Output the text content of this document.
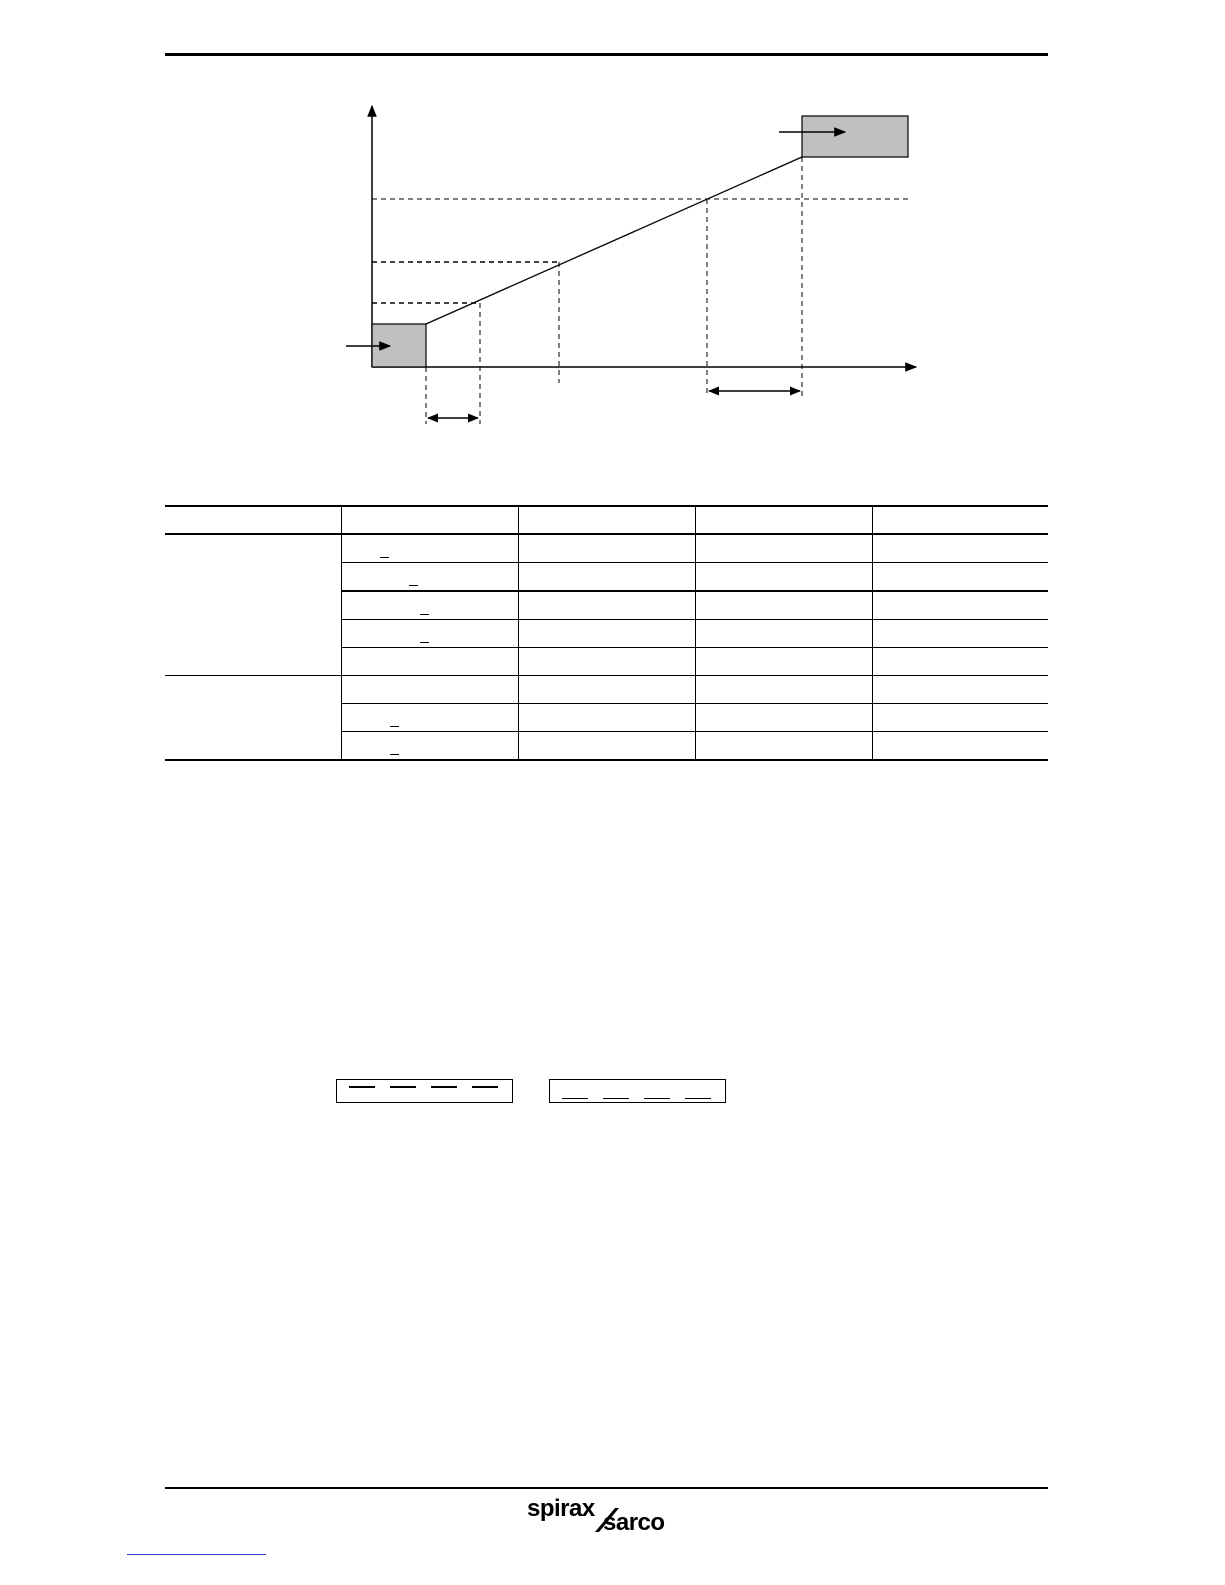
spirax
sarco
